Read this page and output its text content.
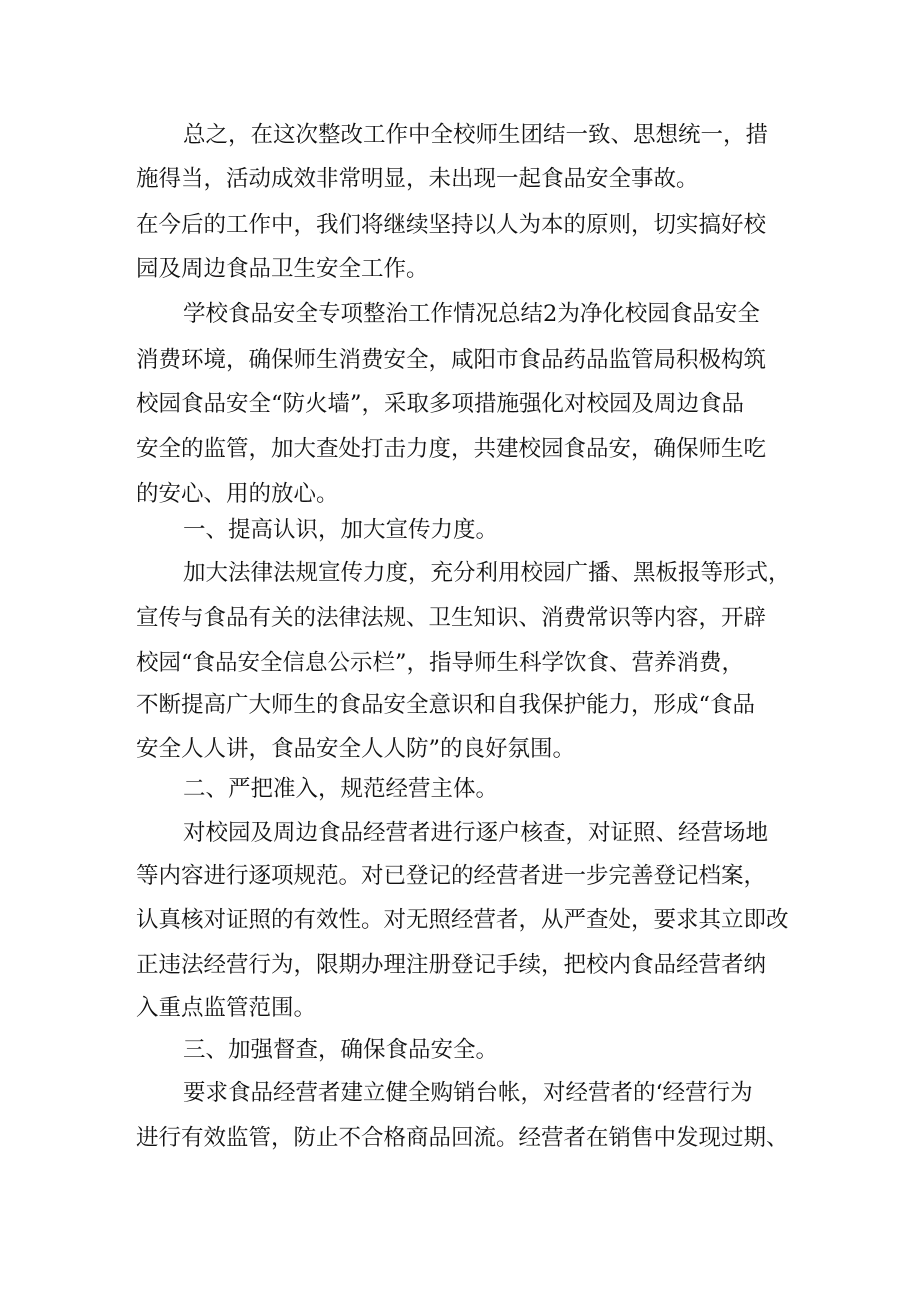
总之，在这次整改工作中全校师生团结一致、思想统一，措
施得当，活动成效非常明显，未出现一起食品安全事故。
在今后的工作中，我们将继续坚持以人为本的原则，切实搞好校
园及周边食品卫生安全工作。
学校食品安全专项整治工作情况总结2为净化校园食品安全
消费环境，确保师生消费安全，咸阳市食品药品监管局积极构筑
校园食品安全“防火墙”，采取多项措施强化对校园及周边食品
安全的监管，加大查处打击力度，共建校园食品安，确保师生吃
的安心、用的放心。
一、提高认识，加大宣传力度。
加大法律法规宣传力度，充分利用校园广播、黑板报等形式，
宣传与食品有关的法律法规、卫生知识、消费常识等内容，开辟
校园“食品安全信息公示栏”，指导师生科学饮食、营养消费，
不断提高广大师生的食品安全意识和自我保护能力，形成“食品
安全人人讲，食品安全人人防”的良好氛围。
二、严把准入，规范经营主体。
对校园及周边食品经营者进行逐户核查，对证照、经营场地
等内容进行逐项规范。对已登记的经营者进一步完善登记档案，
认真核对证照的有效性。对无照经营者，从严查处，要求其立即改
正违法经营行为，限期办理注册登记手续，把校内食品经营者纳
入重点监管范围。
三、加强督查，确保食品安全。
要求食品经营者建立健全购销台帐，对经营者的‘经营行为
进行有效监管，防止不合格商品回流。经营者在销售中发现过期、
